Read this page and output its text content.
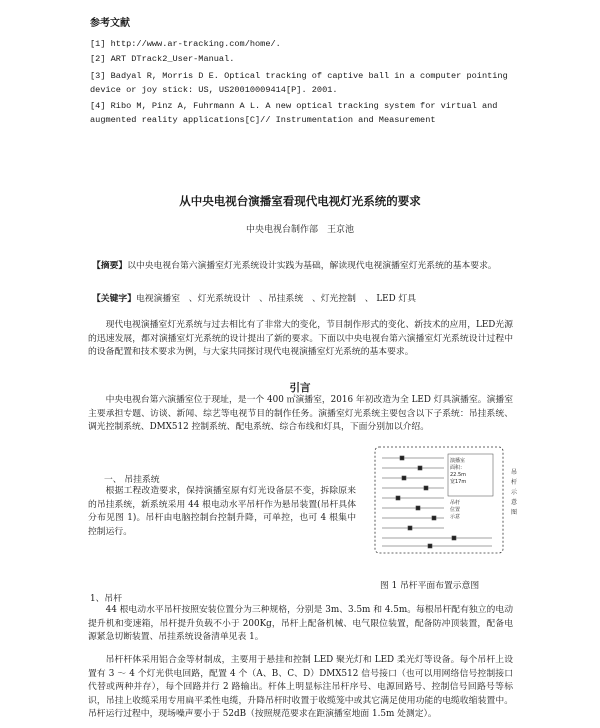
参考文献
[1] http://www.ar-tracking.com/home/.
[2] ART DTrack2_User-Manual.
[3] Badyal R, Morris D E. Optical tracking of captive ball in a computer pointing
device or joy stick: US, US20010009414[P]. 2001.
[4] Ribo M, Pinz A, Fuhrmann A L. A new optical tracking system for virtual and
augmented reality applications[C]// Instrumentation and Measurement
从中央电视台演播室看现代电视灯光系统的要求
中央电视台制作部　王京池
【摘要】以中央电视台第六演播室灯光系统设计实践为基础，解读现代电视演播室灯光系统的基本要求。
【关键字】电视演播室　、灯光系统设计　、吊挂系统　、灯光控制　、 LED 灯具
现代电视演播室灯光系统与过去相比有了非常大的变化，节目制作形式的变化、新技术的应用，LED光源的迅速发展，都对演播室灯光系统的设计提出了新的要求。下面以中央电视台第六演播室灯光系统设计过程中的设备配置和技术要求为例，与大家共同探讨现代电视演播室灯光系统的基本要求。
引言
中央电视台第六演播室位于现址，是一个 400 ㎡演播室，2016 年初改造为全 LED 灯具演播室。演播室主要承担专题、访谈、新闻、综艺等电视节目的制作任务。演播室灯光系统主要包含以下子系统：吊挂系统、调光控制系统、DMX512 控制系统、配电系统、综合布线和灯具，下面分别加以介绍。
一、 吊挂系统
根据工程改造要求，保持演播室原有灯光设备层不变，拆除原来的吊挂系统，新系统采用 44 根电动水平吊杆作为悬吊装置(吊杆具体分布见图 1)。吊杆由电脑控制台控制升降，可单控，也可 4 根集中控制运行。
演播室
面积：
22.5m
宽17m
吊杆
位置
示意
吊
杆
示
意
图
图 1 吊杆平面布置示意图
1、吊杆
44 根电动水平吊杆按照安装位置分为三种规格，分别是 3m、3.5m 和 4.5m。每根吊杆配有独立的电动提升机和变速箱，吊杆提升负载不小于 200Kg，吊杆上配备机械、电气限位装置，配备防冲顶装置，配备电源紧急切断装置、吊挂系统设备清单见表 1。
吊杆杆体采用铝合金等材制成，主要用于悬挂和控制 LED 聚光灯和 LED 柔光灯等设备。每个吊杆上设置有 3 ～ 4 个灯光供电回路，配置 4 个（A、B、C、D）DMX512 信号接口（也可以用网络信号控制接口代替或两种并存），每个回路并行 2 路输出。杆体上明显标注吊杆序号、电源回路号、控制信号回路号等标识，吊挂上收缆采用专用扁平柔性电缆，升降吊杆时收置于收缆笼中或其它满足使用功能的电缆收缩装置中。吊杆运行过程中，现场噪声要小于 52dB（按照规范要求在距演播室地面 1.5m 处测定）。
